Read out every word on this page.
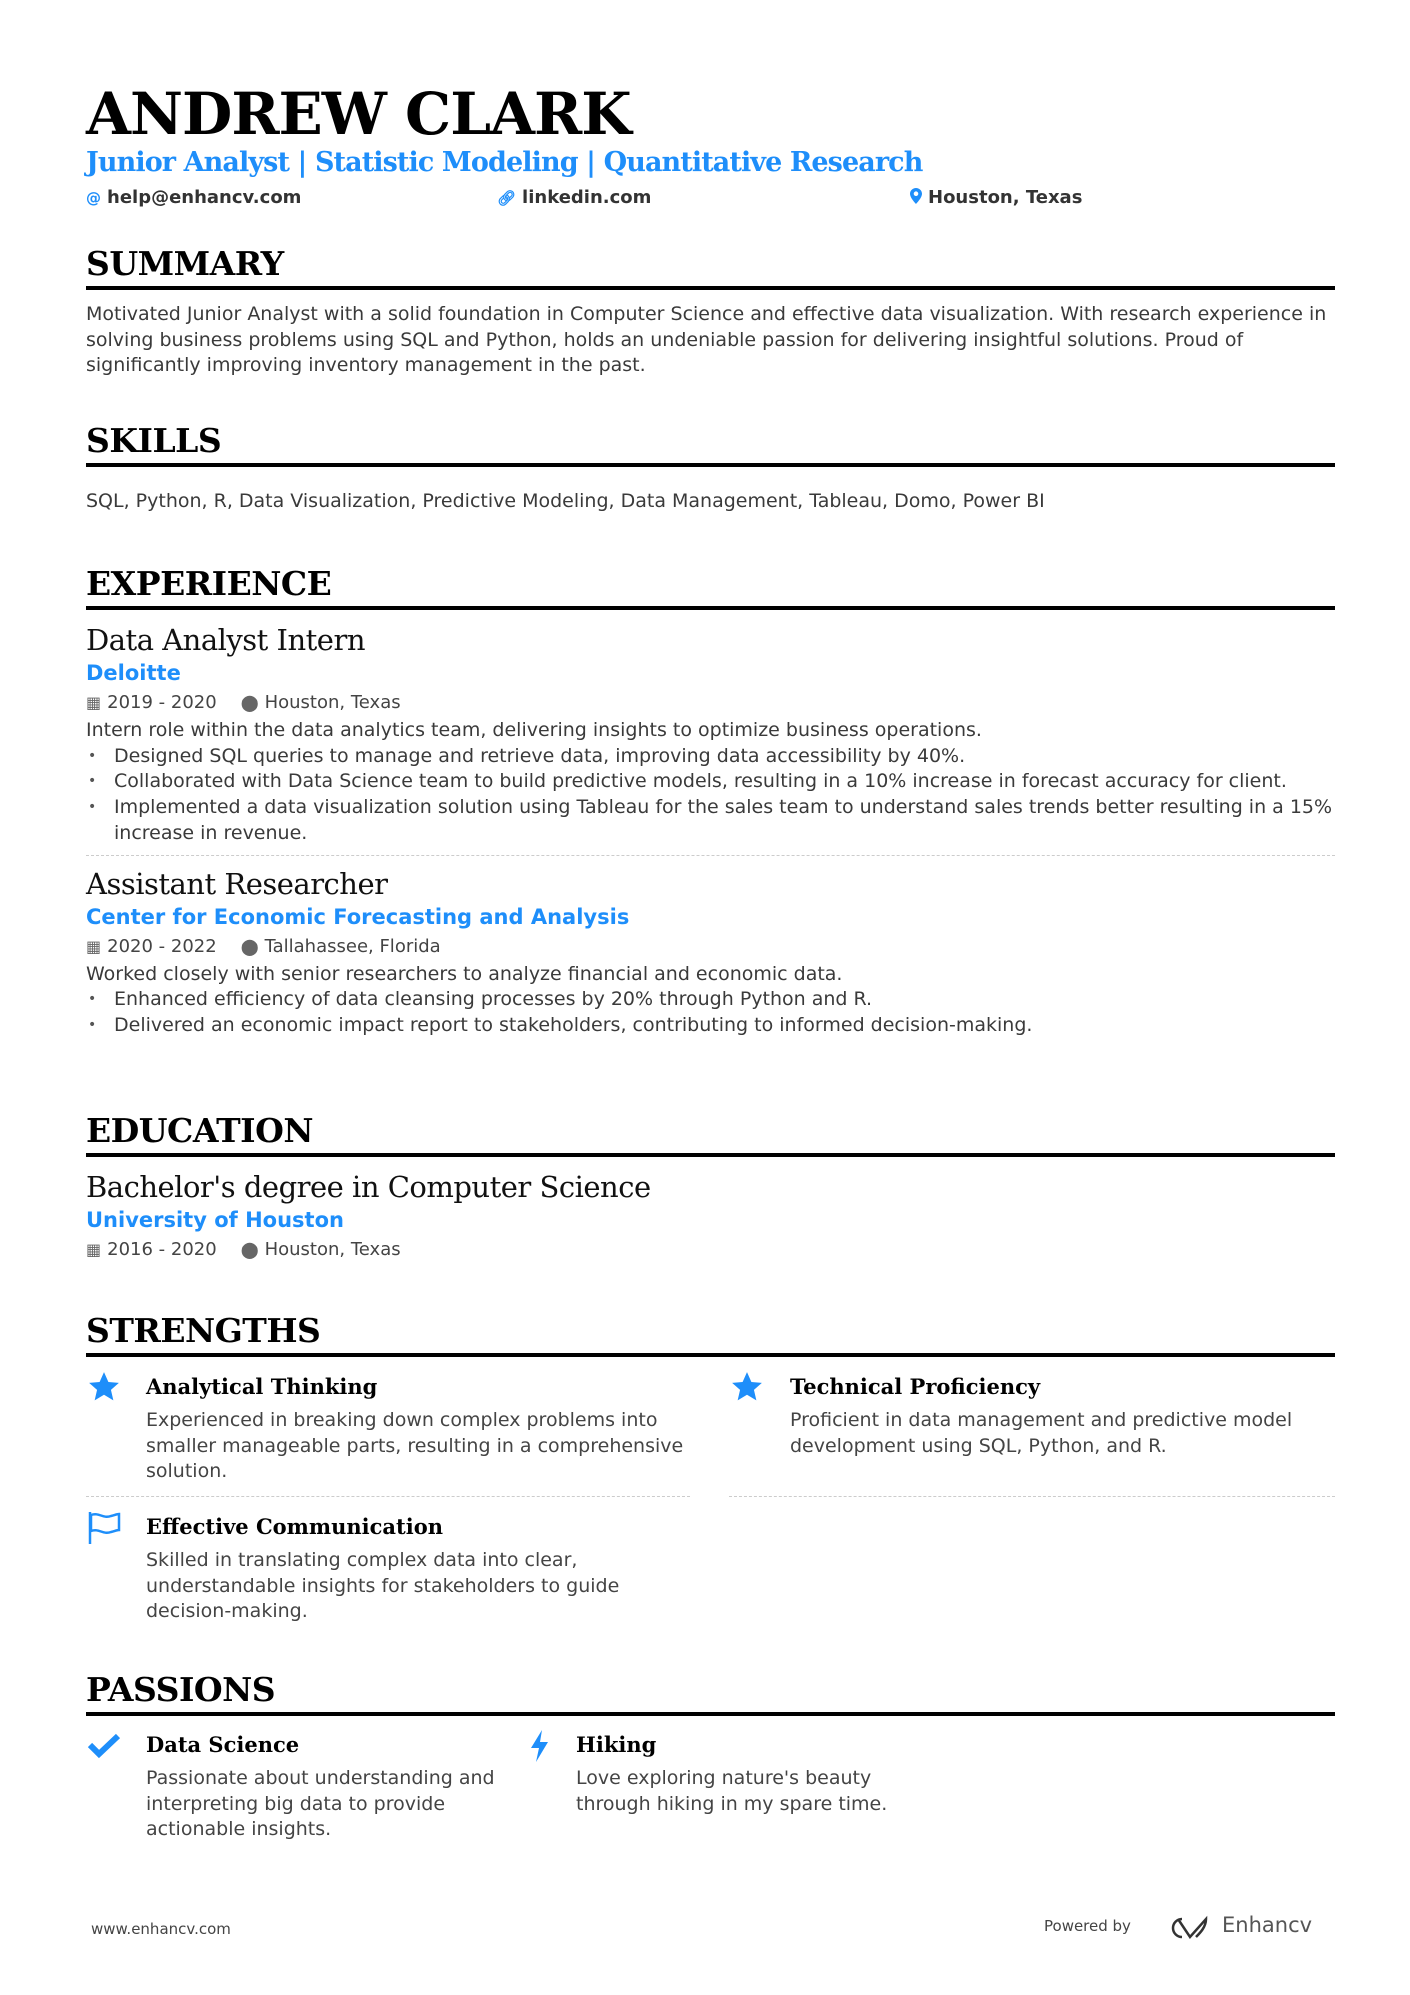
ANDREW CLARK
Junior Analyst | Statistic Modeling | Quantitative Research
@ help@enhancv.com	🔗︎ linkedin.com	Houston, Texas
SUMMARY
Motivated Junior Analyst with a solid foundation in Computer Science and effective data visualization. With research experience in solving business problems using SQL and Python, holds an undeniable passion for delivering insightful solutions. Proud of significantly improving inventory management in the past.
SKILLS
SQL, Python, R, Data Visualization, Predictive Modeling, Data Management, Tableau, Domo, Power BI
EXPERIENCE
Data Analyst Intern
Deloitte
▦ 2019 - 2020 ⬤ Houston, Texas
Intern role within the data analytics team, delivering insights to optimize business operations.
• Designed SQL queries to manage and retrieve data, improving data accessibility by 40%.
• Collaborated with Data Science team to build predictive models, resulting in a 10% increase in forecast accuracy for client.
• Implemented a data visualization solution using Tableau for the sales team to understand sales trends better resulting in a 15% increase in revenue.
Assistant Researcher
Center for Economic Forecasting and Analysis
▦ 2020 - 2022 ⬤ Tallahassee, Florida
Worked closely with senior researchers to analyze financial and economic data.
• Enhanced efficiency of data cleansing processes by 20% through Python and R.
• Delivered an economic impact report to stakeholders, contributing to informed decision-making.
EDUCATION
Bachelor's degree in Computer Science
University of Houston
▦ 2016 - 2020 ⬤ Houston, Texas
STRENGTHS
Analytical Thinking
Experienced in breaking down complex problems into smaller manageable parts, resulting in a comprehensive solution.
Technical Proficiency
Proficient in data management and predictive model development using SQL, Python, and R.
Effective Communication
Skilled in translating complex data into clear, understandable insights for stakeholders to guide decision-making.
PASSIONS
Data Science
Passionate about understanding and interpreting big data to provide actionable insights.
Hiking
Love exploring nature's beauty through hiking in my spare time.
www.enhancv.com	Powered by	Enhancv
